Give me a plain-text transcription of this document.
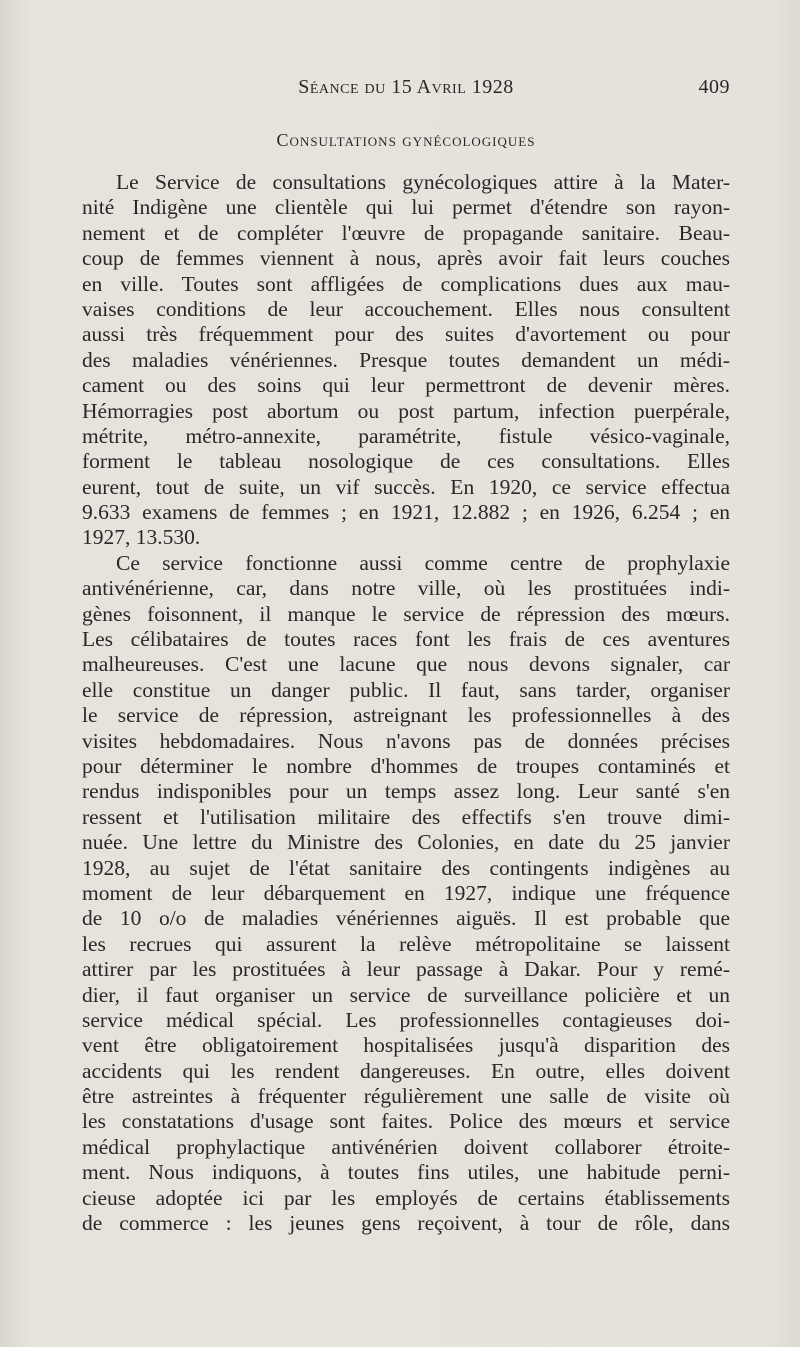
Séance du 15 Avril 1928	409
Consultations gynécologiques
Le Service de consultations gynécologiques attire à la Mater-
nité Indigène une clientèle qui lui permet d'étendre son rayon-
nement et de compléter l'œuvre de propagande sanitaire. Beau-
coup de femmes viennent à nous, après avoir fait leurs couches
en ville. Toutes sont affligées de complications dues aux mau-
vaises conditions de leur accouchement. Elles nous consultent
aussi très fréquemment pour des suites d'avortement ou pour
des maladies vénériennes. Presque toutes demandent un médi-
cament ou des soins qui leur permettront de devenir mères.
Hémorragies post abortum ou post partum, infection puerpérale,
métrite, métro-annexite, paramétrite, fistule vésico-vaginale,
forment le tableau nosologique de ces consultations. Elles
eurent, tout de suite, un vif succès. En 1920, ce service effectua
9.633 examens de femmes ; en 1921, 12.882 ; en 1926, 6.254 ; en
1927, 13.530.
Ce service fonctionne aussi comme centre de prophylaxie
antivénérienne, car, dans notre ville, où les prostituées indi-
gènes foisonnent, il manque le service de répression des mœurs.
Les célibataires de toutes races font les frais de ces aventures
malheureuses. C'est une lacune que nous devons signaler, car
elle constitue un danger public. Il faut, sans tarder, organiser
le service de répression, astreignant les professionnelles à des
visites hebdomadaires. Nous n'avons pas de données précises
pour déterminer le nombre d'hommes de troupes contaminés et
rendus indisponibles pour un temps assez long. Leur santé s'en
ressent et l'utilisation militaire des effectifs s'en trouve dimi-
nuée. Une lettre du Ministre des Colonies, en date du 25 janvier
1928, au sujet de l'état sanitaire des contingents indigènes au
moment de leur débarquement en 1927, indique une fréquence
de 10 o/o de maladies vénériennes aiguës. Il est probable que
les recrues qui assurent la relève métropolitaine se laissent
attirer par les prostituées à leur passage à Dakar. Pour y remé-
dier, il faut organiser un service de surveillance policière et un
service médical spécial. Les professionnelles contagieuses doi-
vent être obligatoirement hospitalisées jusqu'à disparition des
accidents qui les rendent dangereuses. En outre, elles doivent
être astreintes à fréquenter régulièrement une salle de visite où
les constatations d'usage sont faites. Police des mœurs et service
médical prophylactique antivénérien doivent collaborer étroite-
ment. Nous indiquons, à toutes fins utiles, une habitude perni-
cieuse adoptée ici par les employés de certains établissements
de commerce : les jeunes gens reçoivent, à tour de rôle, dans
